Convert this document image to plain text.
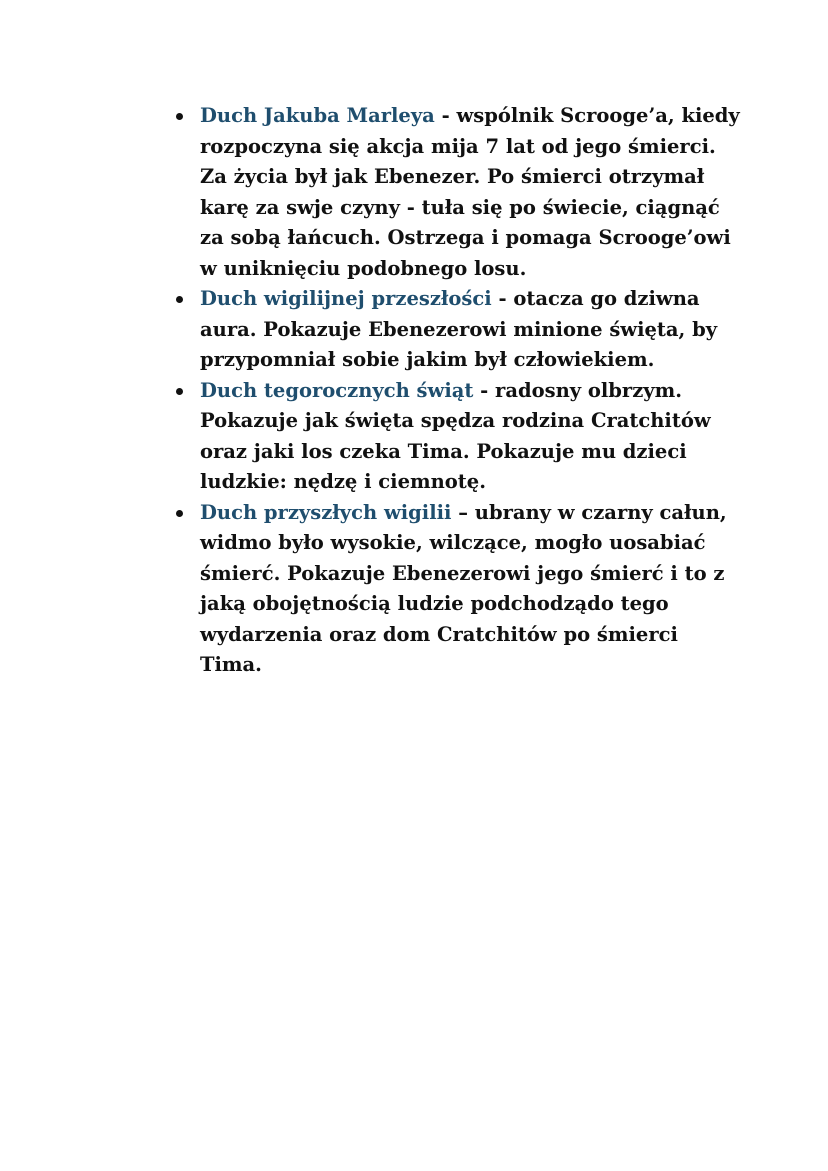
Duch Jakuba Marleya - wspólnik Scrooge’a, kiedy rozpoczyna się akcja mija 7 lat od jego śmierci. Za życia był jak Ebenezer. Po śmierci otrzymał karę za swje czyny - tuła się po świecie, ciągnąć za sobą łańcuch. Ostrzega i pomaga Scrooge’owi w uniknięciu podobnego losu.
Duch wigilijnej przeszłości - otacza go dziwna aura. Pokazuje Ebenezerowi minione święta, by przypomniał sobie jakim był człowiekiem.
Duch tegorocznych świąt - radosny olbrzym. Pokazuje jak święta spędza rodzina Cratchitów oraz jaki los czeka Tima. Pokazuje mu dzieci ludzkie: nędzę i ciemnotę.
Duch przyszłych wigilii – ubrany w czarny całun, widmo było wysokie, wilczące, mogło uosabiać śmierć. Pokazuje Ebenezerowi jego śmierć i to z jaką obojętnością ludzie podchodządo tego wydarzenia oraz dom Cratchitów po śmierci Tima.
